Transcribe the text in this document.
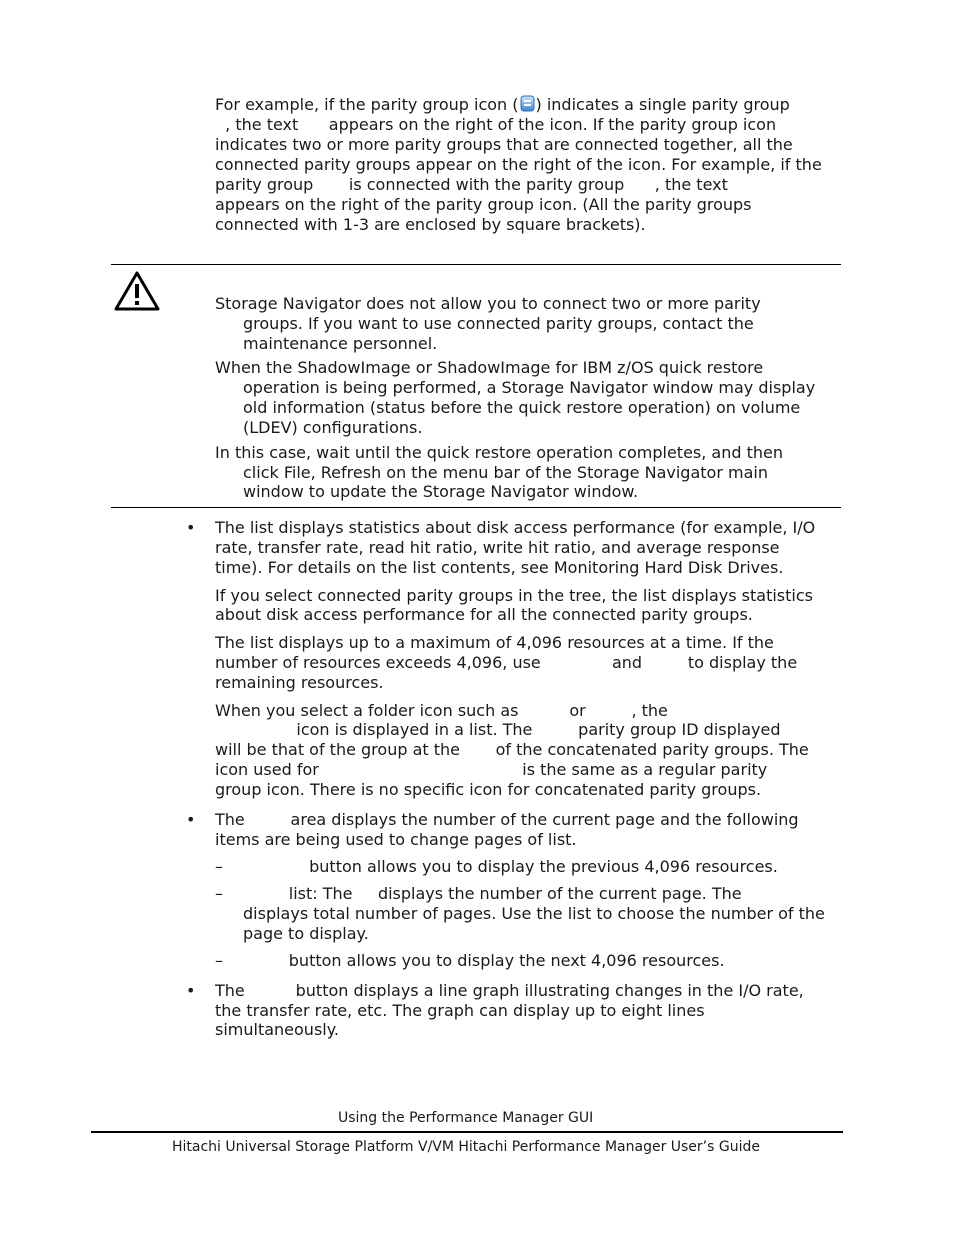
For example, if the parity group icon ( ) indicates a single parity group
, the text      appears on the right of the icon. If the parity group icon
indicates two or more parity groups that are connected together, all the
connected parity groups appear on the right of the icon. For example, if the
parity group       is connected with the parity group      , the text
appears on the right of the parity group icon. (All the parity groups
connected with 1-3 are enclosed by square brackets).
Storage Navigator does not allow you to connect two or more parity
groups. If you want to use connected parity groups, contact the
maintenance personnel.
When the ShadowImage or ShadowImage for IBM z/OS quick restore
operation is being performed, a Storage Navigator window may display
old information (status before the quick restore operation) on volume
(LDEV) configurations.
In this case, wait until the quick restore operation completes, and then
click File, Refresh on the menu bar of the Storage Navigator main
window to update the Storage Navigator window.
• The list displays statistics about disk access performance (for example, I/O
rate, transfer rate, read hit ratio, write hit ratio, and average response
time). For details on the list contents, see Monitoring Hard Disk Drives.
If you select connected parity groups in the tree, the list displays statistics
about disk access performance for all the connected parity groups.
The list displays up to a maximum of 4,096 resources at a time. If the
number of resources exceeds 4,096, use              and         to display the
remaining resources.
When you select a folder icon such as          or         , the
icon is displayed in a list. The         parity group ID displayed
will be that of the group at the       of the concatenated parity groups. The
icon used for                                        is the same as a regular parity
group icon. There is no specific icon for concatenated parity groups.
• The         area displays the number of the current page and the following
items are being used to change pages of list.
– button allows you to display the previous 4,096 resources.
– list: The     displays the number of the current page. The
displays total number of pages. Use the list to choose the number of the
page to display.
– button allows you to display the next 4,096 resources.
• The          button displays a line graph illustrating changes in the I/O rate,
the transfer rate, etc. The graph can display up to eight lines
simultaneously.
Using the Performance Manager GUI
Hitachi Universal Storage Platform V/VM Hitachi Performance Manager User’s Guide
